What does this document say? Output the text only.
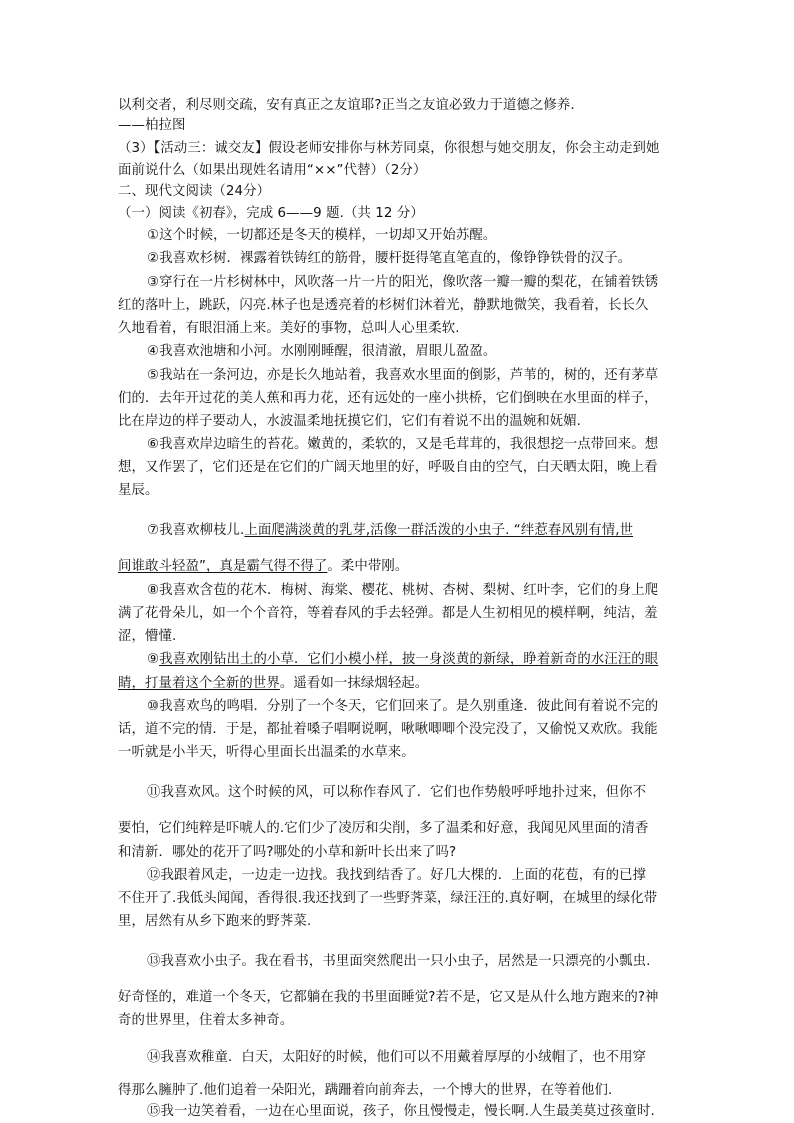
以利交者，利尽则交疏，安有真正之友谊耶?正当之友谊必致力于道德之修养.
——柏拉图
（3）【活动三：诚交友】假设老师安排你与林芳同桌，你很想与她交朋友，你会主动走到她
面前说什么（如果出现姓名请用“××”代替）（2分）
二、现代文阅读（24分）
（一）阅读《初春》，完成 6——9 题.（共 12 分）
①这个时候，一切都还是冬天的模样，一切却又开始苏醒。
②我喜欢杉树．裸露着铁铸红的筋骨，腰杆挺得笔直笔直的，像铮铮铁骨的汉子。
③穿行在一片杉树林中，风吹落一片一片的阳光，像吹落一瓣一瓣的梨花，在铺着铁锈
红的落叶上，跳跃，闪亮.林子也是透亮着的杉树们沐着光，静默地微笑，我看着，长长久
久地看着，有眼泪涌上来。美好的事物，总叫人心里柔软.
④我喜欢池塘和小河。水刚刚睡醒，很清澈，眉眼儿盈盈。
⑤我站在一条河边，亦是长久地站着，我喜欢水里面的倒影，芦苇的，树的，还有茅草
们的．去年开过花的美人蕉和再力花，还有远处的一座小拱桥，它们倒映在水里面的样子，
比在岸边的样子要动人，水波温柔地抚摸它们，它们有着说不出的温婉和妩媚.
⑥我喜欢岸边暗生的苔花。嫩黄的，柔软的，又是毛茸茸的，我很想挖一点带回来。想
想，又作罢了，它们还是在它们的广阔天地里的好，呼吸自由的空气，白天晒太阳，晚上看
星辰。
⑦我喜欢柳枝儿.上面爬满淡黄的乳芽,活像一群活泼的小虫子. “绊惹春风别有情,世
间谁敢斗轻盈”，真是霸气得不得了。柔中带刚。
⑧我喜欢含苞的花木．梅树、海棠、樱花、桃树、杏树、梨树、红叶李，它们的身上爬
满了花骨朵儿，如一个个音符，等着春风的手去轻弹。都是人生初相见的模样啊，纯洁，羞
涩，懵懂.
⑨我喜欢刚钻出土的小草．它们小模小样，披一身淡黄的新绿，睁着新奇的水汪汪的眼
睛，打量着这个全新的世界。遥看如一抹绿烟轻起。
⑩我喜欢鸟的鸣唱．分别了一个冬天，它们回来了。是久别重逢．彼此间有着说不完的
话，道不完的情．于是，都扯着嗓子唱啊说啊，啾啾唧唧个没完没了，又偷悦又欢欣。我能
一听就是小半天，听得心里面长出温柔的水草来。
⑪我喜欢风。这个时候的风，可以称作春风了．它们也作势般呼呼地扑过来，但你不
要怕，它们纯粹是吓唬人的.它们少了凌厉和尖削，多了温柔和好意，我闻见风里面的清香
和清新．哪处的花开了吗?哪处的小草和新叶长出来了吗?
⑫我跟着风走，一边走一边找。我找到结香了。好几大棵的．上面的花苞，有的已撑
不住开了.我低头闻闻，香得很.我还找到了一些野荠菜，绿汪汪的.真好啊，在城里的绿化带
里，居然有从乡下跑来的野荠菜.
⑬我喜欢小虫子。我在看书，书里面突然爬出一只小虫子，居然是一只漂亮的小瓢虫.
好奇怪的，难道一个冬天，它都躺在我的书里面睡觉?若不是，它又是从什么地方跑来的?神
奇的世界里，住着太多神奇。
⑭我喜欢稚童．白天，太阳好的时候，他们可以不用戴着厚厚的小绒帽了，也不用穿
得那么臃肿了.他们追着一朵阳光，蹒跚着向前奔去，一个博大的世界，在等着他们.
⑮我一边笑着看，一边在心里面说，孩子，你且慢慢走，慢长啊.人生最美莫过孩童时.
